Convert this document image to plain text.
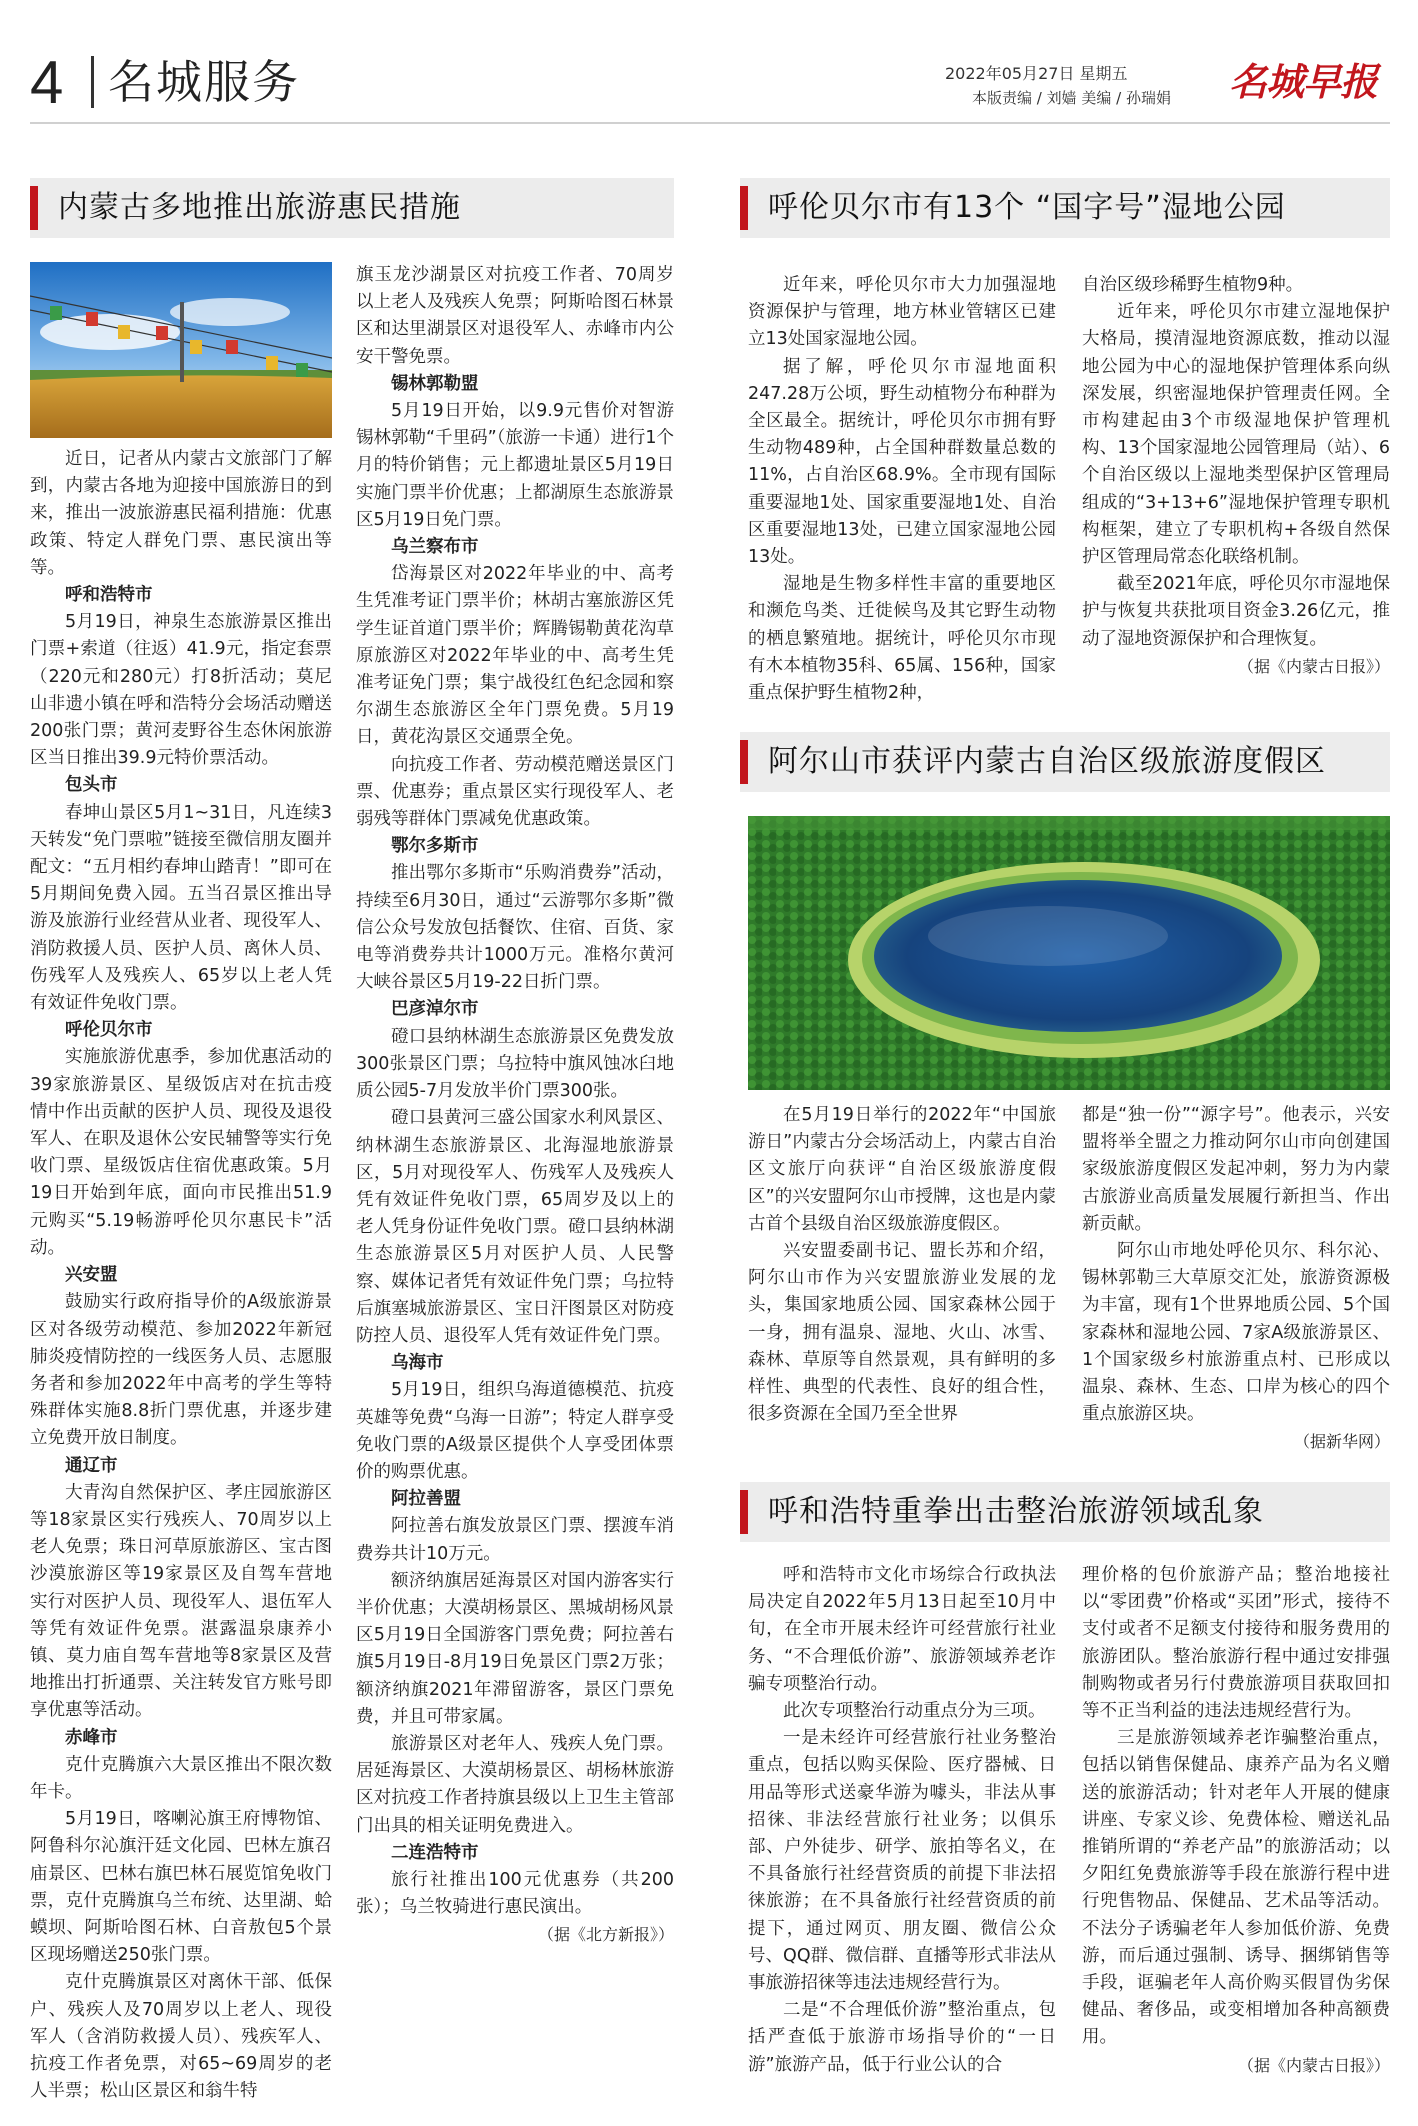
4 名城服务	2022年05月27日 星期五
本版责编 / 刘嫱 美编 / 孙瑞娟 名城早报
内蒙古多地推出旅游惠民措施

近日，记者从内蒙古文旅部门了解到，内蒙古各地为迎接中国旅游日的到来，推出一波旅游惠民福利措施：优惠政策、特定人群免门票、惠民演出等等。

呼和浩特市

5月19日，神泉生态旅游景区推出门票+索道（往返）41.9元，指定套票（220元和280元）打8折活动；莫尼山非遗小镇在呼和浩特分会场活动赠送200张门票；黄河麦野谷生态休闲旅游区当日推出39.9元特价票活动。

包头市

春坤山景区5月1~31日，凡连续3天转发“免门票啦”链接至微信朋友圈并配文：“五月相约春坤山踏青！”即可在5月期间免费入园。五当召景区推出导游及旅游行业经营从业者、现役军人、消防救援人员、医护人员、离休人员、伤残军人及残疾人、65岁以上老人凭有效证件免收门票。

呼伦贝尔市

实施旅游优惠季，参加优惠活动的39家旅游景区、星级饭店对在抗击疫情中作出贡献的医护人员、现役及退役军人、在职及退休公安民辅警等实行免收门票、星级饭店住宿优惠政策。5月19日开始到年底，面向市民推出51.9元购买“5.19畅游呼伦贝尔惠民卡”活动。

兴安盟

鼓励实行政府指导价的A级旅游景区对各级劳动模范、参加2022年新冠肺炎疫情防控的一线医务人员、志愿服务者和参加2022年中高考的学生等特殊群体实施8.8折门票优惠，并逐步建立免费开放日制度。

通辽市

大青沟自然保护区、孝庄园旅游区等18家景区实行残疾人、70周岁以上老人免票；珠日河草原旅游区、宝古图沙漠旅游区等19家景区及自驾车营地实行对医护人员、现役军人、退伍军人等凭有效证件免票。湛露温泉康养小镇、莫力庙自驾车营地等8家景区及营地推出打折通票、关注转发官方账号即享优惠等活动。

赤峰市

克什克腾旗六大景区推出不限次数年卡。

5月19日，喀喇沁旗王府博物馆、阿鲁科尔沁旗汗廷文化园、巴林左旗召庙景区、巴林右旗巴林石展览馆免收门票，克什克腾旗乌兰布统、达里湖、蛤蟆坝、阿斯哈图石林、白音敖包5个景区现场赠送250张门票。

克什克腾旗景区对离休干部、低保户、残疾人及70周岁以上老人、现役军人（含消防救援人员）、残疾军人、抗疫工作者免票，对65~69周岁的老人半票；松山区景区和翁牛特

旗玉龙沙湖景区对抗疫工作者、70周岁以上老人及残疾人免票；阿斯哈图石林景区和达里湖景区对退役军人、赤峰市内公安干警免票。

锡林郭勒盟

5月19日开始，以9.9元售价对智游锡林郭勒“千里码”（旅游一卡通）进行1个月的特价销售；元上都遗址景区5月19日实施门票半价优惠；上都湖原生态旅游景区5月19日免门票。

乌兰察布市

岱海景区对2022年毕业的中、高考生凭准考证门票半价；林胡古塞旅游区凭学生证首道门票半价；辉腾锡勒黄花沟草原旅游区对2022年毕业的中、高考生凭准考证免门票；集宁战役红色纪念园和察尔湖生态旅游区全年门票免费。5月19日，黄花沟景区交通票全免。

向抗疫工作者、劳动模范赠送景区门票、优惠券；重点景区实行现役军人、老弱残等群体门票减免优惠政策。

鄂尔多斯市

推出鄂尔多斯市“乐购消费券”活动，持续至6月30日，通过“云游鄂尔多斯”微信公众号发放包括餐饮、住宿、百货、家电等消费券共计1000万元。准格尔黄河大峡谷景区5月19-22日折门票。

巴彦淖尔市

磴口县纳林湖生态旅游景区免费发放300张景区门票；乌拉特中旗风蚀冰臼地质公园5-7月发放半价门票300张。

磴口县黄河三盛公国家水利风景区、纳林湖生态旅游景区、北海湿地旅游景区，5月对现役军人、伤残军人及残疾人凭有效证件免收门票，65周岁及以上的老人凭身份证件免收门票。磴口县纳林湖生态旅游景区5月对医护人员、人民警察、媒体记者凭有效证件免门票；乌拉特后旗塞城旅游景区、宝日汗图景区对防疫防控人员、退役军人凭有效证件免门票。

乌海市

5月19日，组织乌海道德模范、抗疫英雄等免费“乌海一日游”；特定人群享受免收门票的A级景区提供个人享受团体票价的购票优惠。

阿拉善盟

阿拉善右旗发放景区门票、摆渡车消费券共计10万元。

额济纳旗居延海景区对国内游客实行半价优惠；大漠胡杨景区、黑城胡杨风景区5月19日全国游客门票免费；阿拉善右旗5月19日-8月19日免景区门票2万张；额济纳旗2021年滞留游客，景区门票免费，并且可带家属。

旅游景区对老年人、残疾人免门票。居延海景区、大漠胡杨景区、胡杨林旅游区对抗疫工作者持旗县级以上卫生主管部门出具的相关证明免费进入。

二连浩特市

旅行社推出100元优惠券（共200张）；乌兰牧骑进行惠民演出。

（据《北方新报》）

呼伦贝尔市有13个 “国字号”湿地公园

近年来，呼伦贝尔市大力加强湿地资源保护与管理，地方林业管辖区已建立13处国家湿地公园。

据了解，呼伦贝尔市湿地面积247.28万公顷，野生动植物分布种群为全区最全。据统计，呼伦贝尔市拥有野生动物489种，占全国种群数量总数的11%，占自治区68.9%。全市现有国际重要湿地1处、国家重要湿地1处、自治区重要湿地13处，已建立国家湿地公园13处。

湿地是生物多样性丰富的重要地区和濒危鸟类、迁徙候鸟及其它野生动物的栖息繁殖地。据统计，呼伦贝尔市现有木本植物35科、65属、156种，国家重点保护野生植物2种，

自治区级珍稀野生植物9种。

近年来，呼伦贝尔市建立湿地保护大格局，摸清湿地资源底数，推动以湿地公园为中心的湿地保护管理体系向纵深发展，织密湿地保护管理责任网。全市构建起由3个市级湿地保护管理机构、13个国家湿地公园管理局（站）、6个自治区级以上湿地类型保护区管理局组成的“3+13+6”湿地保护管理专职机构框架，建立了专职机构+各级自然保护区管理局常态化联络机制。

截至2021年底，呼伦贝尔市湿地保护与恢复共获批项目资金3.26亿元，推动了湿地资源保护和合理恢复。

（据《内蒙古日报》）

阿尔山市获评内蒙古自治区级旅游度假区

在5月19日举行的2022年“中国旅游日”内蒙古分会场活动上，内蒙古自治区文旅厅向获评“自治区级旅游度假区”的兴安盟阿尔山市授牌，这也是内蒙古首个县级自治区级旅游度假区。

兴安盟委副书记、盟长苏和介绍，阿尔山市作为兴安盟旅游业发展的龙头，集国家地质公园、国家森林公园于一身，拥有温泉、湿地、火山、冰雪、森林、草原等自然景观，具有鲜明的多样性、典型的代表性、良好的组合性，很多资源在全国乃至全世界

都是“独一份”“源字号”。他表示，兴安盟将举全盟之力推动阿尔山市向创建国家级旅游度假区发起冲刺，努力为内蒙古旅游业高质量发展履行新担当、作出新贡献。

阿尔山市地处呼伦贝尔、科尔沁、锡林郭勒三大草原交汇处，旅游资源极为丰富，现有1个世界地质公园、5个国家森林和湿地公园、7家A级旅游景区、1个国家级乡村旅游重点村、已形成以温泉、森林、生态、口岸为核心的四个重点旅游区块。

（据新华网）

呼和浩特重拳出击整治旅游领域乱象

呼和浩特市文化市场综合行政执法局决定自2022年5月13日起至10月中旬，在全市开展未经许可经营旅行社业务、“不合理低价游”、旅游领域养老诈骗专项整治行动。

此次专项整治行动重点分为三项。

一是未经许可经营旅行社业务整治重点，包括以购买保险、医疗器械、日用品等形式送豪华游为噱头，非法从事招徕、非法经营旅行社业务；以俱乐部、户外徒步、研学、旅拍等名义，在不具备旅行社经营资质的前提下非法招徕旅游；在不具备旅行社经营资质的前提下，通过网页、朋友圈、微信公众号、QQ群、微信群、直播等形式非法从事旅游招徕等违法违规经营行为。

二是“不合理低价游”整治重点，包括严查低于旅游市场指导价的“一日游”旅游产品，低于行业公认的合

理价格的包价旅游产品；整治地接社以“零团费”价格或“买团”形式，接待不支付或者不足额支付接待和服务费用的旅游团队。整治旅游行程中通过安排强制购物或者另行付费旅游项目获取回扣等不正当利益的违法违规经营行为。

三是旅游领域养老诈骗整治重点，包括以销售保健品、康养产品为名义赠送的旅游活动；针对老年人开展的健康讲座、专家义诊、免费体检、赠送礼品推销所谓的“养老产品”的旅游活动；以夕阳红免费旅游等手段在旅游行程中进行兜售物品、保健品、艺术品等活动。不法分子诱骗老年人参加低价游、免费游，而后通过强制、诱导、捆绑销售等手段，诓骗老年人高价购买假冒伪劣保健品、奢侈品，或变相增加各种高额费用。

（据《内蒙古日报》）
